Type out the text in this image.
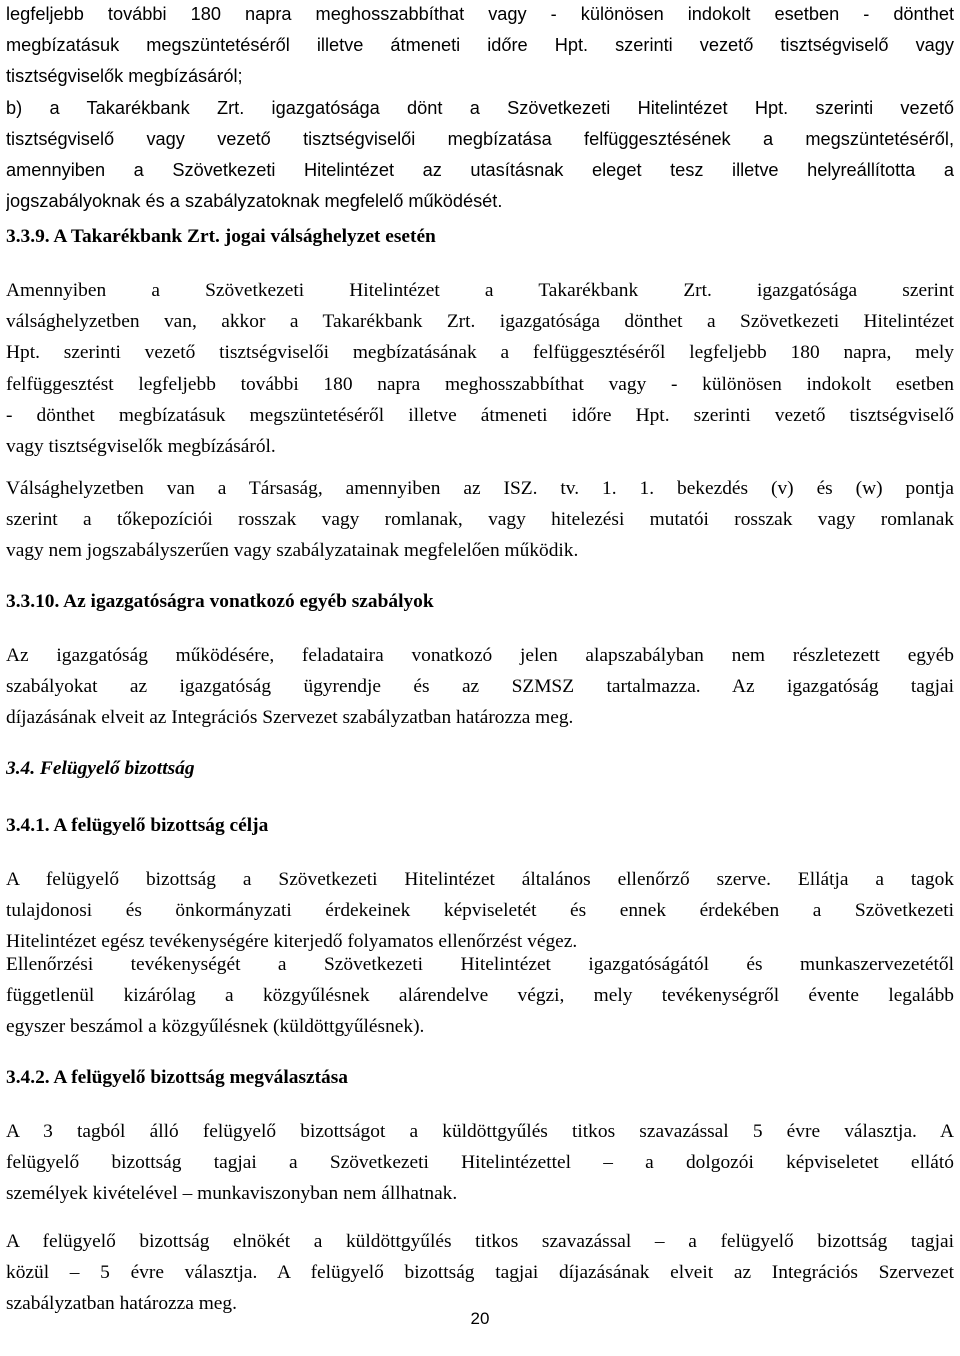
legfeljebb további 180 napra meghosszabbíthat vagy - különösen indokolt esetben - dönthet
megbízatásuk megszüntetéséről illetve átmeneti időre Hpt. szerinti vezető tisztségviselő vagy
tisztségviselők megbízásáról;
b) a Takarékbank Zrt. igazgatósága dönt a Szövetkezeti Hitelintézet Hpt. szerinti vezető
tisztségviselő vagy vezető tisztségviselői megbízatása felfüggesztésének a megszüntetéséről,
amennyiben a Szövetkezeti Hitelintézet az utasításnak eleget tesz illetve helyreállította a
jogszabályoknak és a szabályzatoknak megfelelő működését.
3.3.9. A Takarékbank Zrt. jogai válsághelyzet esetén
Amennyiben a Szövetkezeti Hitelintézet a Takarékbank Zrt. igazgatósága szerint
válsághelyzetben van, akkor a Takarékbank Zrt. igazgatósága dönthet a Szövetkezeti Hitelintézet
Hpt. szerinti vezető tisztségviselői megbízatásának a felfüggesztéséről legfeljebb 180 napra, mely
felfüggesztést legfeljebb további 180 napra meghosszabbíthat vagy - különösen indokolt esetben
- dönthet megbízatásuk megszüntetéséről illetve átmeneti időre Hpt. szerinti vezető tisztségviselő
vagy tisztségviselők megbízásáról.
Válsághelyzetben van a Társaság, amennyiben az ISZ. tv. 1. 1. bekezdés (v) és (w) pontja
szerint a tőkepozíciói rosszak vagy romlanak, vagy hitelezési mutatói rosszak vagy romlanak
vagy nem jogszabályszerűen vagy szabályzatainak megfelelően működik.
3.3.10. Az igazgatóságra vonatkozó egyéb szabályok
Az igazgatóság működésére, feladataira vonatkozó jelen alapszabályban nem részletezett egyéb
szabályokat az igazgatóság ügyrendje és az SZMSZ tartalmazza. Az igazgatóság tagjai
díjazásának elveit az Integrációs Szervezet szabályzatban határozza meg.
3.4. Felügyelő bizottság
3.4.1. A felügyelő bizottság célja
A felügyelő bizottság a Szövetkezeti Hitelintézet általános ellenőrző szerve. Ellátja a tagok
tulajdonosi és önkormányzati érdekeinek képviseletét és ennek érdekében a Szövetkezeti
Hitelintézet egész tevékenységére kiterjedő folyamatos ellenőrzést végez.
Ellenőrzési tevékenységét a Szövetkezeti Hitelintézet igazgatóságától és munkaszervezetétől
függetlenül kizárólag a közgyűlésnek alárendelve végzi, mely tevékenységről évente legalább
egyszer beszámol a közgyűlésnek (küldöttgyűlésnek).
3.4.2. A felügyelő bizottság megválasztása
A 3 tagból álló felügyelő bizottságot a küldöttgyűlés titkos szavazással 5 évre választja. A
felügyelő bizottság tagjai a Szövetkezeti Hitelintézettel – a dolgozói képviseletet ellátó
személyek kivételével – munkaviszonyban nem állhatnak.
A felügyelő bizottság elnökét a küldöttgyűlés titkos szavazással – a felügyelő bizottság tagjai
közül – 5 évre választja. A felügyelő bizottság tagjai díjazásának elveit az Integrációs Szervezet
szabályzatban határozza meg.
20
